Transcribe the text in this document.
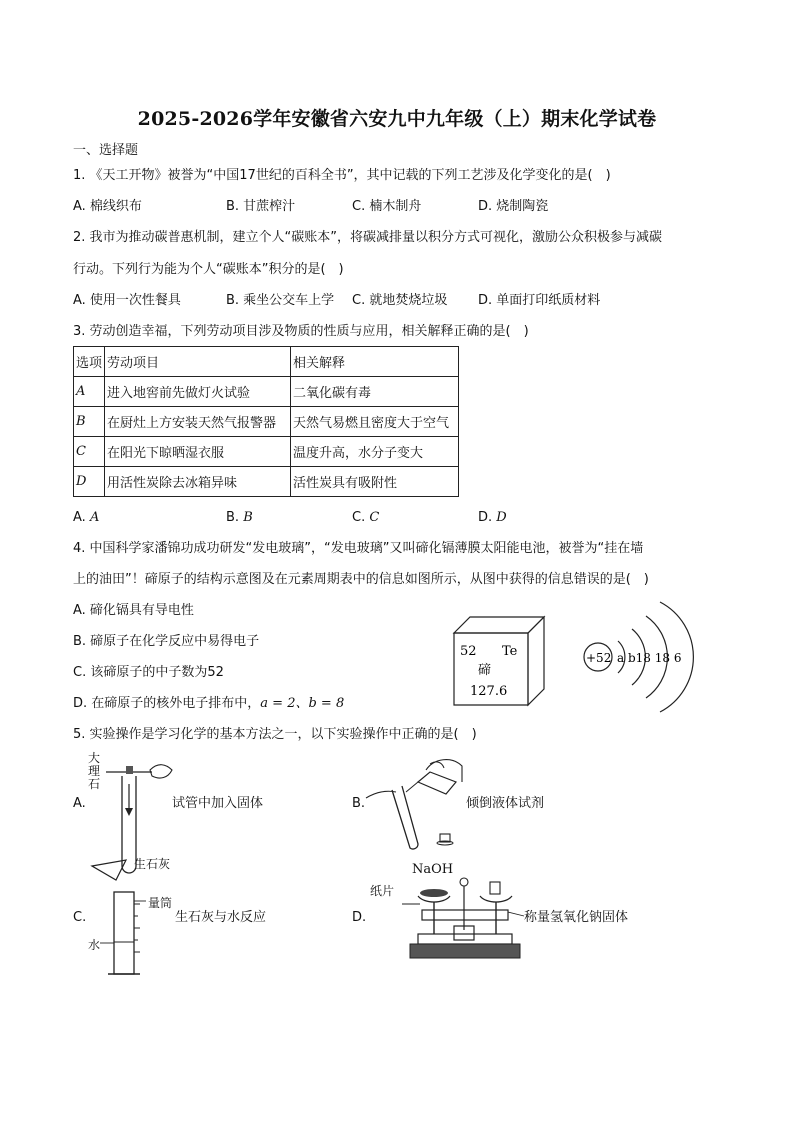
2025-2026学年安徽省六安九中九年级（上）期末化学试卷
一、选择题
1. 《天工开物》被誉为“中国17世纪的百科全书”，其中记载的下列工艺涉及化学变化的是(　)
A. 棉线织布	B. 甘蔗榨汁	C. 楠木制舟	D. 烧制陶瓷
2. 我市为推动碳普惠机制，建立个人“碳账本”，将碳减排量以积分方式可视化，激励公众积极参与减碳
行动。下列行为能为个人“碳账本”积分的是(　)
A. 使用一次性餐具	B. 乘坐公交车上学 C. 就地焚烧垃圾 D. 单面打印纸质材料
3. 劳动创造幸福，下列劳动项目涉及物质的性质与应用，相关解释正确的是(　)
选项	劳动项目	相关解释
A	进入地窖前先做灯火试验	二氧化碳有毒
B	在厨灶上方安装天然气报警器	天然气易燃且密度大于空气
C	在阳光下晾晒湿衣服	温度升高，水分子变大
D	用活性炭除去冰箱异味	活性炭具有吸附性
A. A	B. B	C. C	D. D
4. 中国科学家潘锦功成功研发“发电玻璃”，“发电玻璃”又叫碲化镉薄膜太阳能电池，被誉为“挂在墙
上的油田”！碲原子的结构示意图及在元素周期表中的信息如图所示，从图中获得的信息错误的是(　)
A. 碲化镉具有导电性
B. 碲原子在化学反应中易得电子
C. 该碲原子的中子数为52
D. 在碲原子的核外电子排布中，a = 2、b = 8
52 Te
碲
127.6
+52 a b18 18 6
5. 实验操作是学习化学的基本方法之一，以下实验操作中正确的是(　)
A.
大
理
石
试管中加入固体	B.	倾倒液体试剂
C.
生石灰
量筒
水
生石灰与水反应	D.
NaOH
纸片
称量氢氧化钠固体
